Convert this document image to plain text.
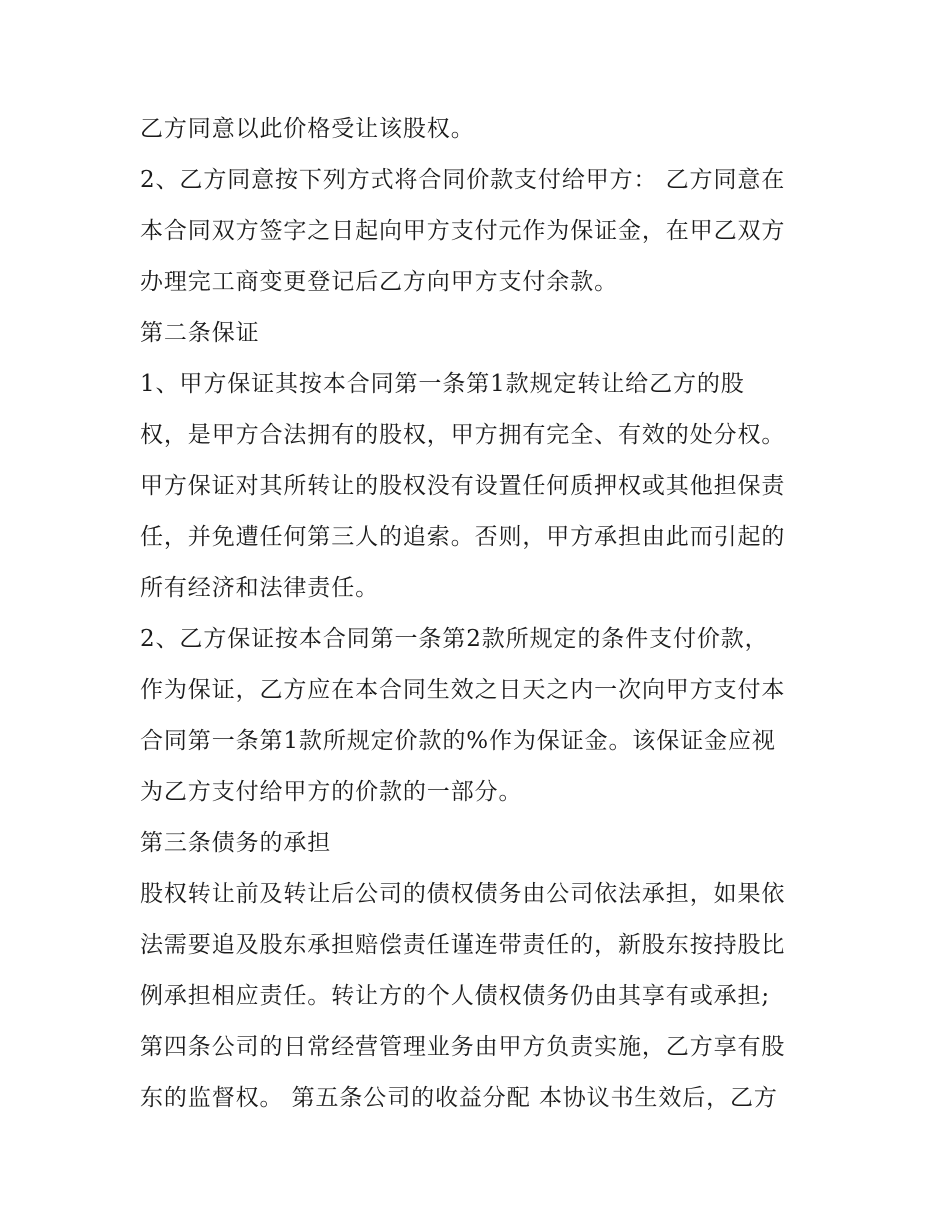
乙方同意以此价格受让该股权。
2、乙方同意按下列方式将合同价款支付给甲方： 乙方同意在
本合同双方签字之日起向甲方支付元作为保证金，在甲乙双方
办理完工商变更登记后乙方向甲方支付余款。
第二条保证
1、甲方保证其按本合同第一条第1款规定转让给乙方的股
权，是甲方合法拥有的股权，甲方拥有完全、有效的处分权。
甲方保证对其所转让的股权没有设置任何质押权或其他担保责
任，并免遭任何第三人的追索。否则，甲方承担由此而引起的
所有经济和法律责任。
2、乙方保证按本合同第一条第2款所规定的条件支付价款，
作为保证，乙方应在本合同生效之日天之内一次向甲方支付本
合同第一条第1款所规定价款的%作为保证金。该保证金应视
为乙方支付给甲方的价款的一部分。
第三条债务的承担
股权转让前及转让后公司的债权债务由公司依法承担，如果依
法需要追及股东承担赔偿责任谨连带责任的，新股东按持股比
例承担相应责任。转让方的个人债权债务仍由其享有或承担;
第四条公司的日常经营管理业务由甲方负责实施，乙方享有股
东的监督权。 第五条公司的收益分配 本协议书生效后，乙方
